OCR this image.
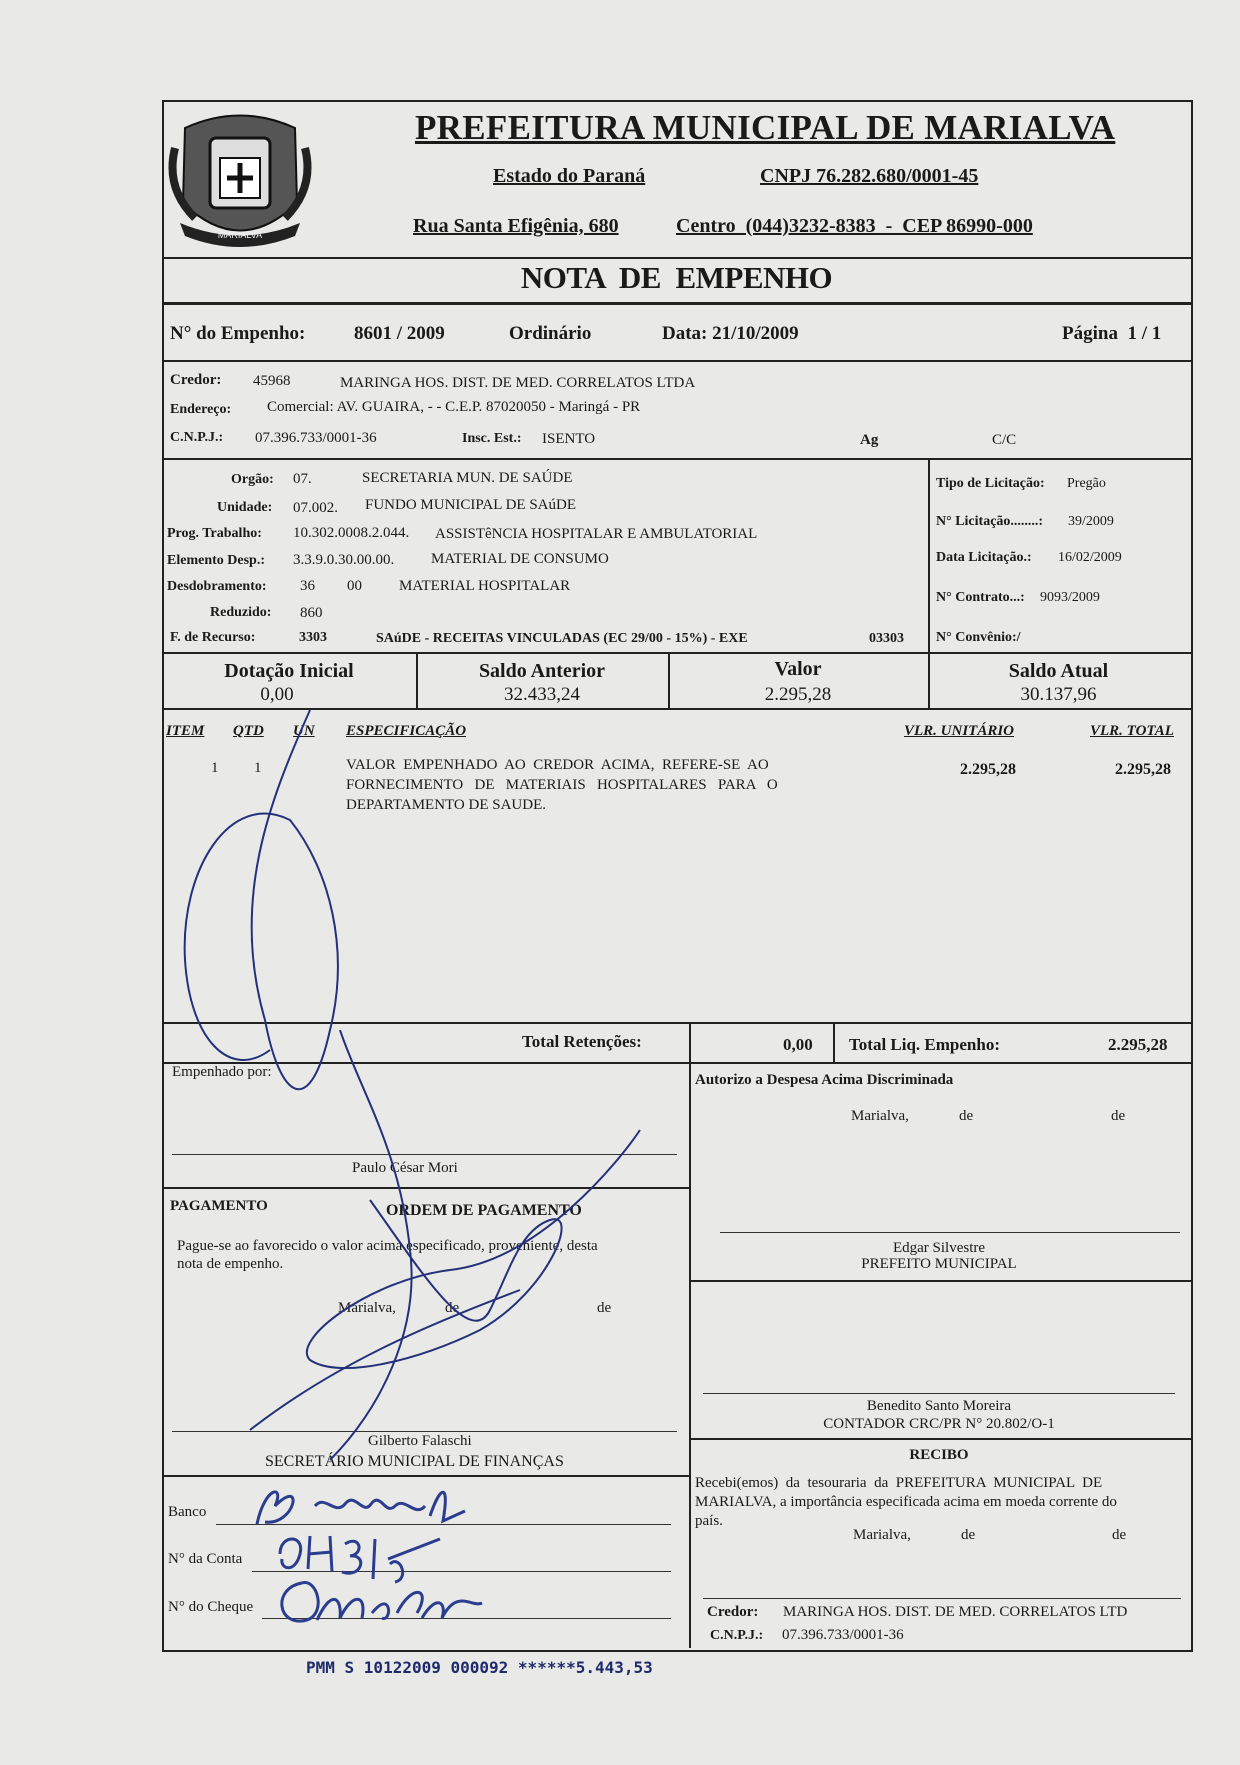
MARIALVA
PREFEITURA MUNICIPAL DE MARIALVA
Estado do Paraná	CNPJ 76.282.680/0001-45
Rua Santa Efigênia, 680	Centro  (044)3232-8383  -  CEP 86990-000
NOTA  DE  EMPENHO
N° do Empenho:	8601 / 2009	Ordinário	Data: 21/10/2009	Página  1 / 1
Credor: 45968	MARINGA HOS. DIST. DE MED. CORRELATOS LTDA
Endereço: Comercial: AV. GUAIRA, - - C.E.P. 87020050 - Maringá - PR
C.N.P.J.: 07.396.733/0001-36	Insc. Est.: ISENTO	Ag	C/C
Orgão: 07.	SECRETARIA MUN. DE SAÚDE
Unidade: 07.002. FUNDO MUNICIPAL DE SAúDE
Prog. Trabalho: 10.302.0008.2.044. ASSISTêNCIA HOSPITALAR E AMBULATORIAL
Elemento Desp.: 3.3.9.0.30.00.00. MATERIAL DE CONSUMO
Desdobramento: 36 00 MATERIAL HOSPITALAR
Reduzido: 860
F. de Recurso:	3303	SAúDE - RECEITAS VINCULADAS (EC 29/00 - 15%) - EXE	03303
Tipo de Licitação: Pregão
N° Licitação........: 39/2009
Data Licitação.: 16/02/2009
N° Contrato...: 9093/2009
N° Convênio:/
Dotação Inicial
0,00
Saldo Anterior
32.433,24
Valor
2.295,28
Saldo Atual
30.137,96
ITEM QTD UN ESPECIFICAÇÃO	VLR. UNITÁRIO	VLR. TOTAL
1 1	VALOR  EMPENHADO  AO  CREDOR  ACIMA,  REFERE-SE  AO
FORNECIMENTO   DE   MATERIAIS   HOSPITALARES   PARA   O
DEPARTAMENTO DE SAUDE.
2.295,28	2.295,28
Total Retenções:	0,00 Total Liq. Empenho:	2.295,28
Empenhado por:
Paulo César Mori
Autorizo a Despesa Acima Discriminada
Marialva,	de	de
Edgar Silvestre
PREFEITO MUNICIPAL
PAGAMENTO	ORDEM DE PAGAMENTO
Pague-se ao favorecido o valor acima especificado, proveniente, desta
nota de empenho.
Marialva,	de	de
Gilberto Falaschi
SECRETÁRIO MUNICIPAL DE FINANÇAS
Benedito Santo Moreira
CONTADOR CRC/PR N° 20.802/O-1
RECIBO
Recebi(emos)  da  tesouraria  da  PREFEITURA  MUNICIPAL  DE
MARIALVA, a importância especificada acima em moeda corrente do
país.
Marialva,	de	de
Credor: MARINGA HOS. DIST. DE MED. CORRELATOS LTD
C.N.P.J.: 07.396.733/0001-36
Banco
N° da Conta
N° do Cheque
PMM S 10122009 000092 ******5.443,53
